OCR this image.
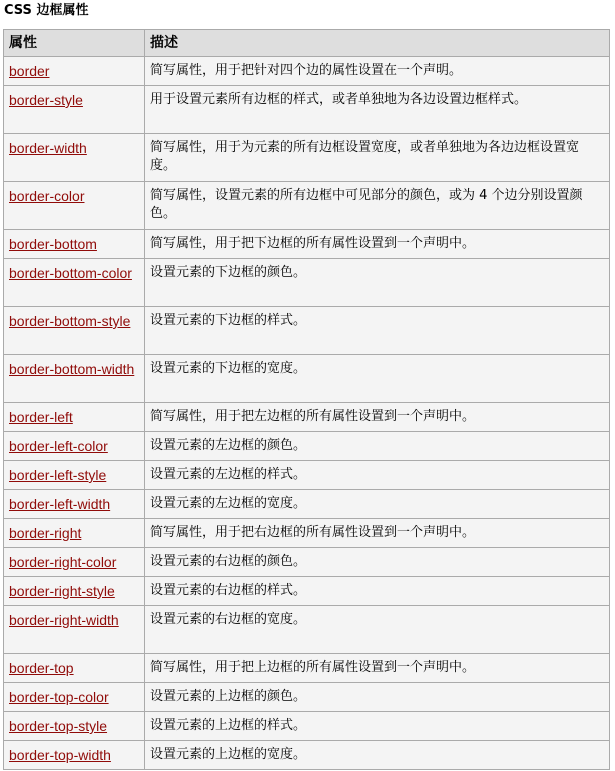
CSS 边框属性
属性	描述
border	简写属性，用于把针对四个边的属性设置在一个声明。
border-style	用于设置元素所有边框的样式，或者单独地为各边设置边框样式。
border-width	简写属性，用于为元素的所有边框设置宽度，或者单独地为各边边框设置宽度。
border-color	简写属性，设置元素的所有边框中可见部分的颜色，或为 4 个边分别设置颜色。
border-bottom	简写属性，用于把下边框的所有属性设置到一个声明中。
border-bottom-color	设置元素的下边框的颜色。
border-bottom-style	设置元素的下边框的样式。
border-bottom-width	设置元素的下边框的宽度。
border-left	简写属性，用于把左边框的所有属性设置到一个声明中。
border-left-color	设置元素的左边框的颜色。
border-left-style	设置元素的左边框的样式。
border-left-width	设置元素的左边框的宽度。
border-right	简写属性，用于把右边框的所有属性设置到一个声明中。
border-right-color	设置元素的右边框的颜色。
border-right-style	设置元素的右边框的样式。
border-right-width	设置元素的右边框的宽度。
border-top	简写属性，用于把上边框的所有属性设置到一个声明中。
border-top-color	设置元素的上边框的颜色。
border-top-style	设置元素的上边框的样式。
border-top-width	设置元素的上边框的宽度。
